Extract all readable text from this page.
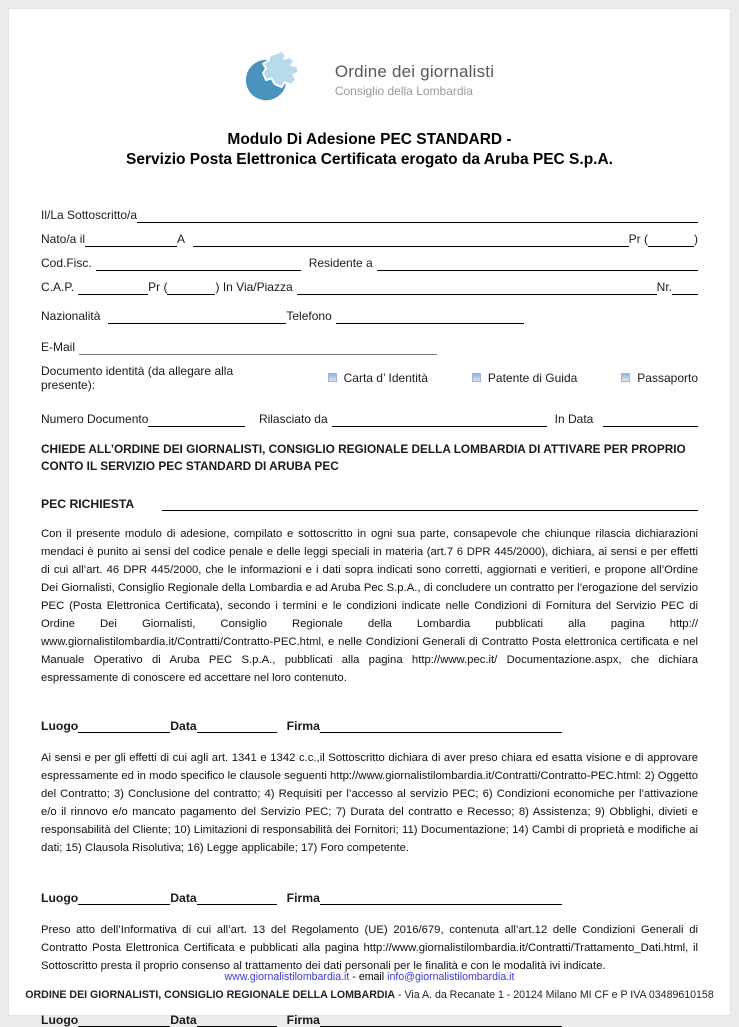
Ordine dei giornalisti
Consiglio della Lombardia
Modulo Di Adesione PEC STANDARD -
Servizio Posta Elettronica Certificata erogato da Aruba PEC S.p.A.
Il/La Sottoscritto/a
Nato/a il	A	Pr (	)
Cod.Fisc.	Residente a
C.A.P.	Pr (	) In Via/Piazza	Nr.
Nazionalità	Telefono
E-Mail
Documento identità (da allegare alla presente):	Carta d’ Identità	Patente di Guida	Passaporto
Numero Documento	Rilasciato da	In Data
CHIEDE ALL’ORDINE DEI GIORNALISTI, CONSIGLIO REGIONALE DELLA LOMBARDIA DI ATTIVARE PER PROPRIO CONTO IL SERVIZIO PEC STANDARD DI ARUBA PEC
PEC RICHIESTA
Con il presente modulo di adesione, compilato e sottoscritto in ogni sua parte, consapevole che chiunque rilascia dichiarazioni mendaci è punito ai sensi del codice penale e delle leggi speciali in materia (art.7 6 DPR 445/2000), dichiara, ai sensi e per effetti di cui all’art. 46 DPR 445/2000, che le informazioni e i dati sopra indicati sono corretti, aggiornati e veritieri, e propone all’Ordine Dei Giornalisti, Consiglio Regionale della Lombardia e ad Aruba Pec S.p.A., di concludere un contratto per l’erogazione del servizio PEC (Posta Elettronica Certificata), secondo i termini e le condizioni indicate nelle Condizioni di Fornitura del Servizio PEC di Ordine Dei Giornalisti, Consiglio Regionale della Lombardia pubblicati alla pagina http:// www.giornalistilombardia.it/Contratti/Contratto-PEC.html, e nelle Condizioni Generali di Contratto Posta elettronica certificata e nel Manuale Operativo di Aruba PEC S.p.A., pubblicati alla pagina http://www.pec.it/ Documentazione.aspx, che dichiara espressamente di conoscere ed accettare nel loro contenuto.
Luogo	Data	Firma
Ai sensi e per gli effetti di cui agli art. 1341 e 1342 c.c.,il Sottoscritto dichiara di aver preso chiara ed esatta visione e di approvare espressamente ed in modo specifico le clausole seguenti http://www.giornalistilombardia.it/Contratti/Contratto-PEC.html: 2) Oggetto del Contratto; 3) Conclusione del contratto; 4) Requisiti per l’accesso al servizio PEC; 6) Condizioni economiche per l’attivazione e/o il rinnovo e/o mancato pagamento del Servizio PEC; 7) Durata del contratto e Recesso; 8) Assistenza; 9) Obblighi, divieti e responsabilità del Cliente; 10) Limitazioni di responsabilità dei Fornitori; 11) Documentazione; 14) Cambi di proprietà e modifiche ai dati; 15) Clausola Risolutiva; 16) Legge applicabile; 17) Foro competente.
Luogo	Data	Firma
Preso atto dell’Informativa di cui all’art. 13 del Regolamento (UE) 2016/679, contenuta all’art.12 delle Condizioni Generali di Contratto Posta Elettronica Certificata e pubblicati alla pagina http://www.giornalistilombardia.it/Contratti/Trattamento_Dati.html, il Sottoscritto presta il proprio consenso al trattamento dei dati personali per le finalità e con le modalità ivi indicate.
Luogo	Data	Firma
www.giornalistilombardia.it - email info@giornalistilombardia.it
ORDINE DEI GIORNALISTI, CONSIGLIO REGIONALE DELLA LOMBARDIA - Via A. da Recanate 1 - 20124 Milano MI CF e P IVA 03489610158
